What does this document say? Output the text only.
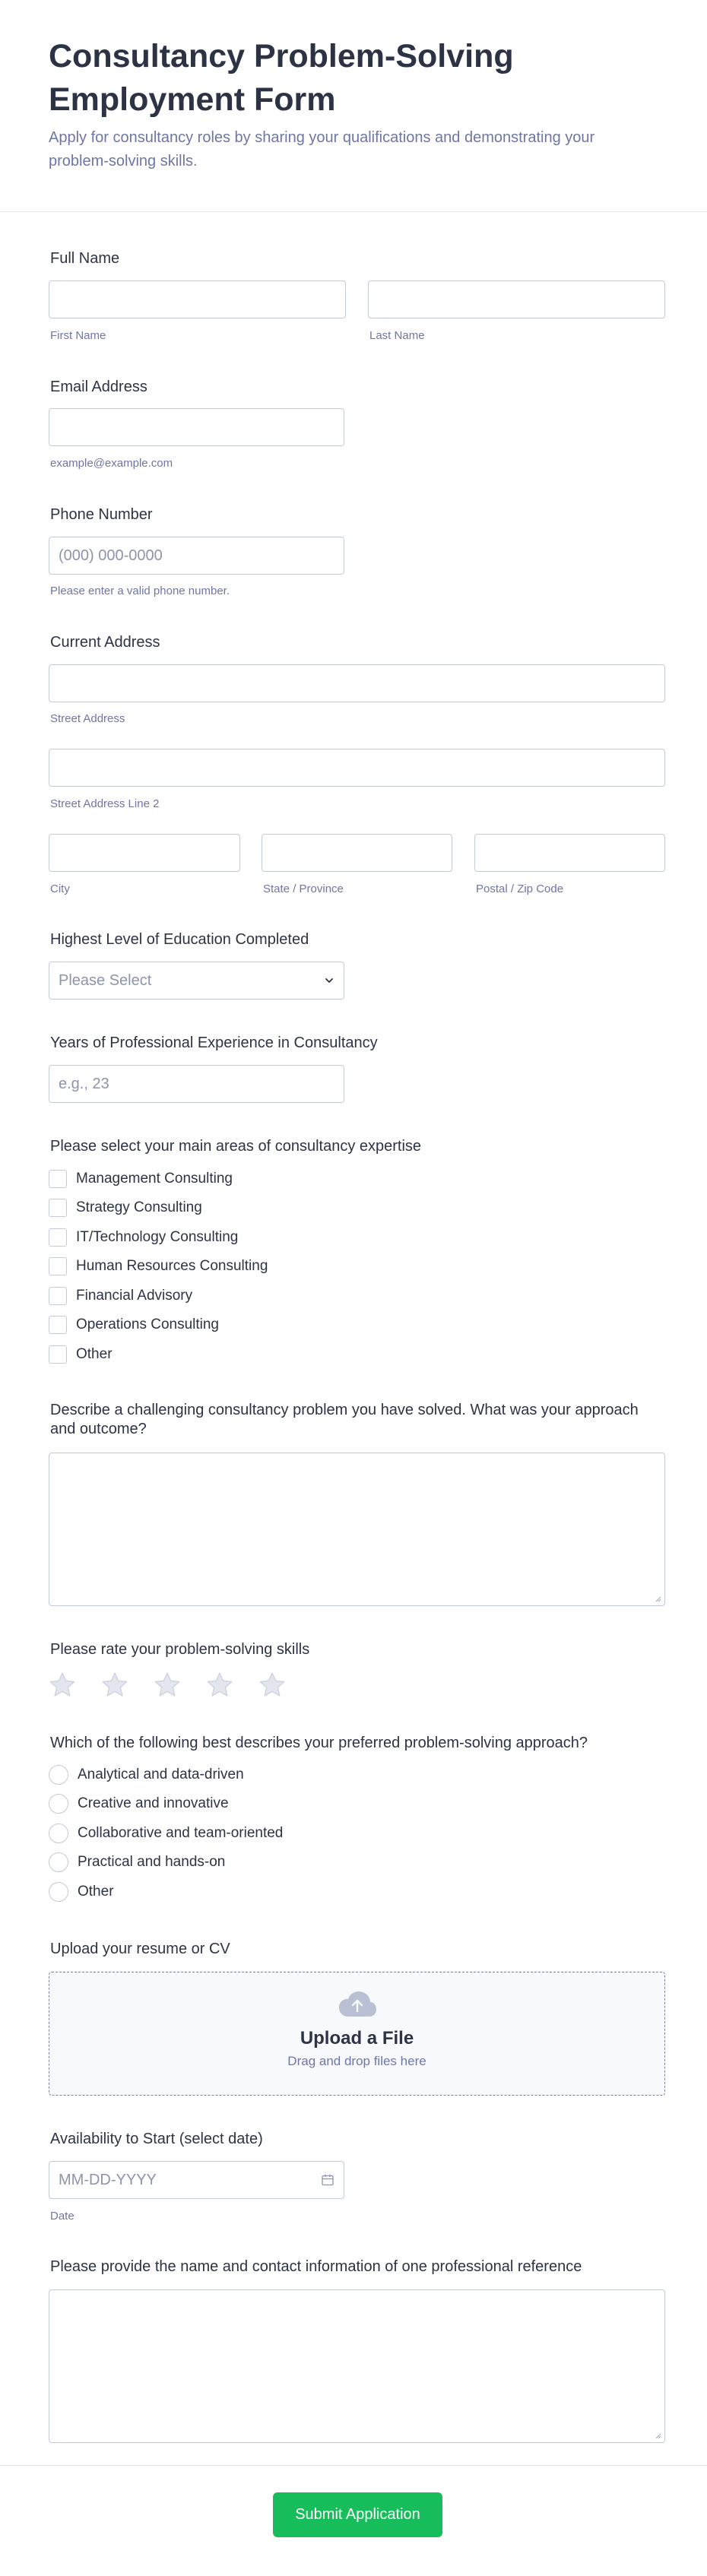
Consultancy Problem-Solving Employment Form
Apply for consultancy roles by sharing your qualifications and demonstrating your problem-solving skills.
Full Name
First Name	Last Name
Email Address
example@example.com
Phone Number
(000) 000-0000
Please enter a valid phone number.
Current Address
Street Address
Street Address Line 2
City	State / Province	Postal / Zip Code
Highest Level of Education Completed
Please Select
Years of Professional Experience in Consultancy
e.g., 23
Please select your main areas of consultancy expertise
Management Consulting
Strategy Consulting
IT/Technology Consulting
Human Resources Consulting
Financial Advisory
Operations Consulting
Other
Describe a challenging consultancy problem you have solved. What was your approach and outcome?
Please rate your problem-solving skills
Which of the following best describes your preferred problem-solving approach?
Analytical and data-driven
Creative and innovative
Collaborative and team-oriented
Practical and hands-on
Other
Upload your resume or CV
Upload a File
Drag and drop files here
Availability to Start (select date)
MM-DD-YYYY
Date
Please provide the name and contact information of one professional reference
Submit Application
